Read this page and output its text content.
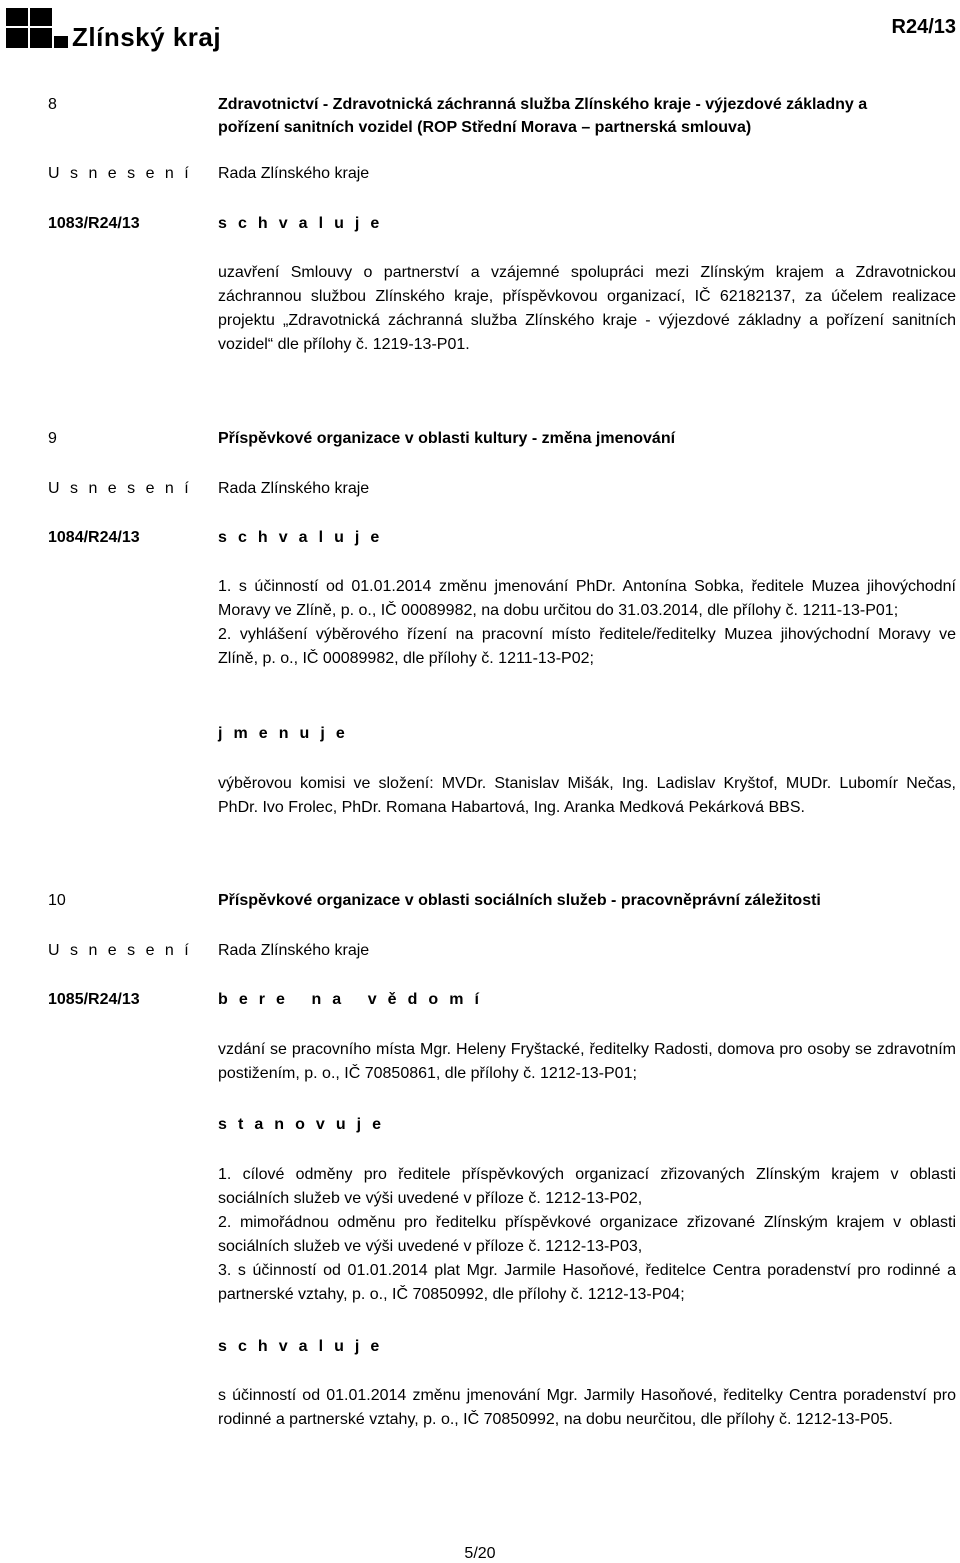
Zlínský kraj	R24/13
8	Zdravotnictví - Zdravotnická záchranná služba Zlínského kraje - výjezdové základny a
pořízení sanitních vozidel (ROP Střední Morava – partnerská smlouva)
U s n e s e n í Rada Zlínského kraje
1083/R24/13	s c h v a l u j e

uzavření Smlouvy o partnerství a vzájemné spolupráci mezi Zlínským krajem a Zdravotnickou záchrannou službou Zlínského kraje, příspěvkovou organizací, IČ 62182137, za účelem realizace projektu „Zdravotnická záchranná služba Zlínského kraje - výjezdové základny a pořízení sanitních vozidel“ dle přílohy č. 1219-13-P01.

9	Příspěvkové organizace v oblasti kultury - změna jmenování
U s n e s e n í Rada Zlínského kraje
1084/R24/13	s c h v a l u j e

1. s účinností od 01.01.2014 změnu jmenování PhDr. Antonína Sobka, ředitele Muzea jihovýchodní Moravy ve Zlíně, p. o., IČ 00089982, na dobu určitou do 31.03.2014, dle přílohy č. 1211-13-P01;

2. vyhlášení výběrového řízení na pracovní místo ředitele/ředitelky Muzea jihovýchodní Moravy ve Zlíně, p. o., IČ 00089982, dle přílohy č. 1211-13-P02;

j m e n u j e

výběrovou komisi ve složení: MVDr. Stanislav Mišák, Ing. Ladislav Kryštof, MUDr. Lubomír Nečas, PhDr. Ivo Frolec, PhDr. Romana Habartová, Ing. Aranka Medková Pekárková BBS.

10	Příspěvkové organizace v oblasti sociálních služeb - pracovněprávní záležitosti
U s n e s e n í Rada Zlínského kraje
1085/R24/13	b e r e   n a   v ě d o m í

vzdání se pracovního místa Mgr. Heleny Fryštacké, ředitelky Radosti, domova pro osoby se zdravotním postižením, p. o., IČ 70850861, dle přílohy č. 1212-13-P01;

s t a n o v u j e

1. cílové odměny pro ředitele příspěvkových organizací zřizovaných Zlínským krajem v oblasti sociálních služeb ve výši uvedené v příloze č. 1212-13-P02,

2. mimořádnou odměnu pro ředitelku příspěvkové organizace zřizované Zlínským krajem v oblasti sociálních služeb ve výši uvedené v příloze č. 1212-13-P03,

3. s účinností od 01.01.2014 plat Mgr. Jarmile Hasoňové, ředitelce Centra poradenství pro rodinné a partnerské vztahy, p. o., IČ 70850992, dle přílohy č. 1212-13-P04;

s c h v a l u j e

s účinností od 01.01.2014 změnu jmenování Mgr. Jarmily Hasoňové, ředitelky Centra poradenství pro rodinné a partnerské vztahy, p. o., IČ 70850992, na dobu neurčitou, dle přílohy č. 1212-13-P05.

5/20
